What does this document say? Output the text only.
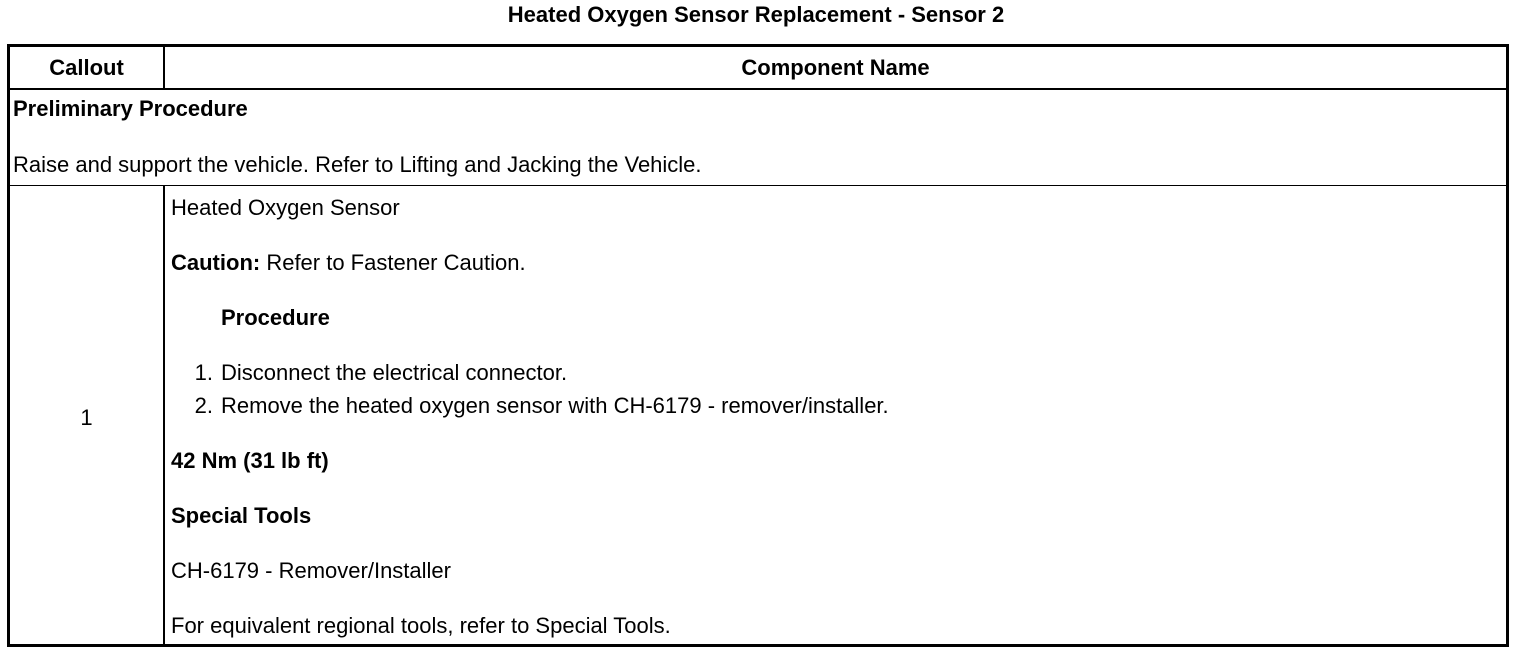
Heated Oxygen Sensor Replacement - Sensor 2
Callout	Component Name
Preliminary Procedure
Raise and support the vehicle. Refer to Lifting and Jacking the Vehicle.
1
Heated Oxygen Sensor
Caution: Refer to Fastener Caution.
Procedure
1. Disconnect the electrical connector.
2. Remove the heated oxygen sensor with CH-6179 - remover/installer.
42 Nm (31 lb ft)
Special Tools
CH-6179 - Remover/Installer
For equivalent regional tools, refer to Special Tools.
